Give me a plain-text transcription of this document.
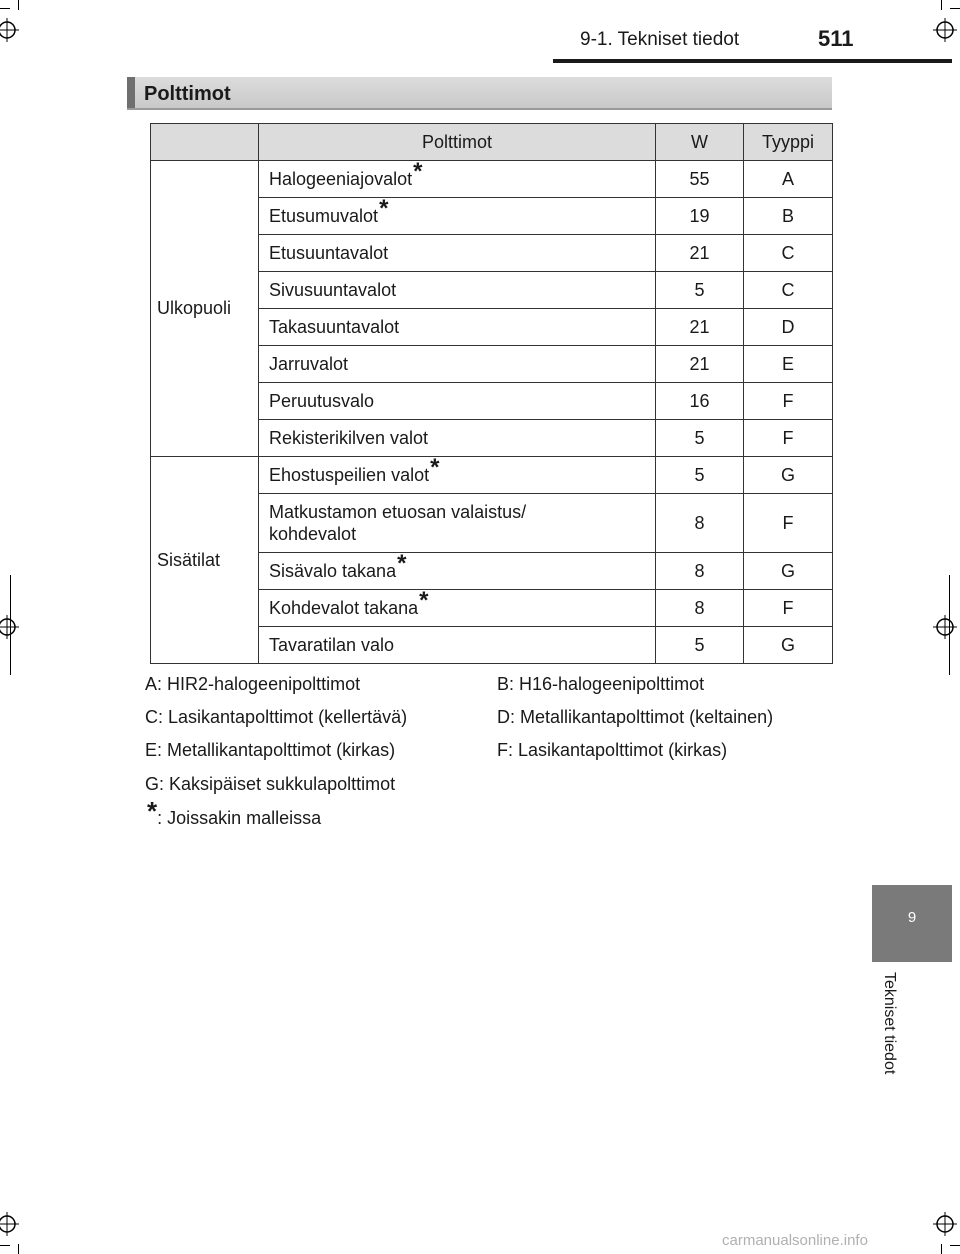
9-1. Tekniset tiedot	511
Polttimot
	Polttimot	W	Tyyppi
Ulkopuoli	Halogeeniajovalot*	55	A
	Etusumuvalot*	19	B
	Etusuuntavalot	21	C
	Sivusuuntavalot	5	C
	Takasuuntavalot	21	D
	Jarruvalot	21	E
	Peruutusvalo	16	F
	Rekisterikilven valot	5	F
Sisätilat	Ehostuspeilien valot*	5	G
	Matkustamon etuosan valaistus/
kohdevalot	8	F
	Sisävalo takana*	8	G
	Kohdevalot takana*	8	F
	Tavaratilan valo	5	G
A: HIR2-halogeenipolttimot	B: H16-halogeenipolttimot
C: Lasikantapolttimot (kellertävä)	D: Metallikantapolttimot (keltainen)
E: Metallikantapolttimot (kirkas)	F: Lasikantapolttimot (kirkas)
G: Kaksipäiset sukkulapolttimot
*: Joissakin malleissa
9
Tekniset tiedot
carmanualsonline.info
